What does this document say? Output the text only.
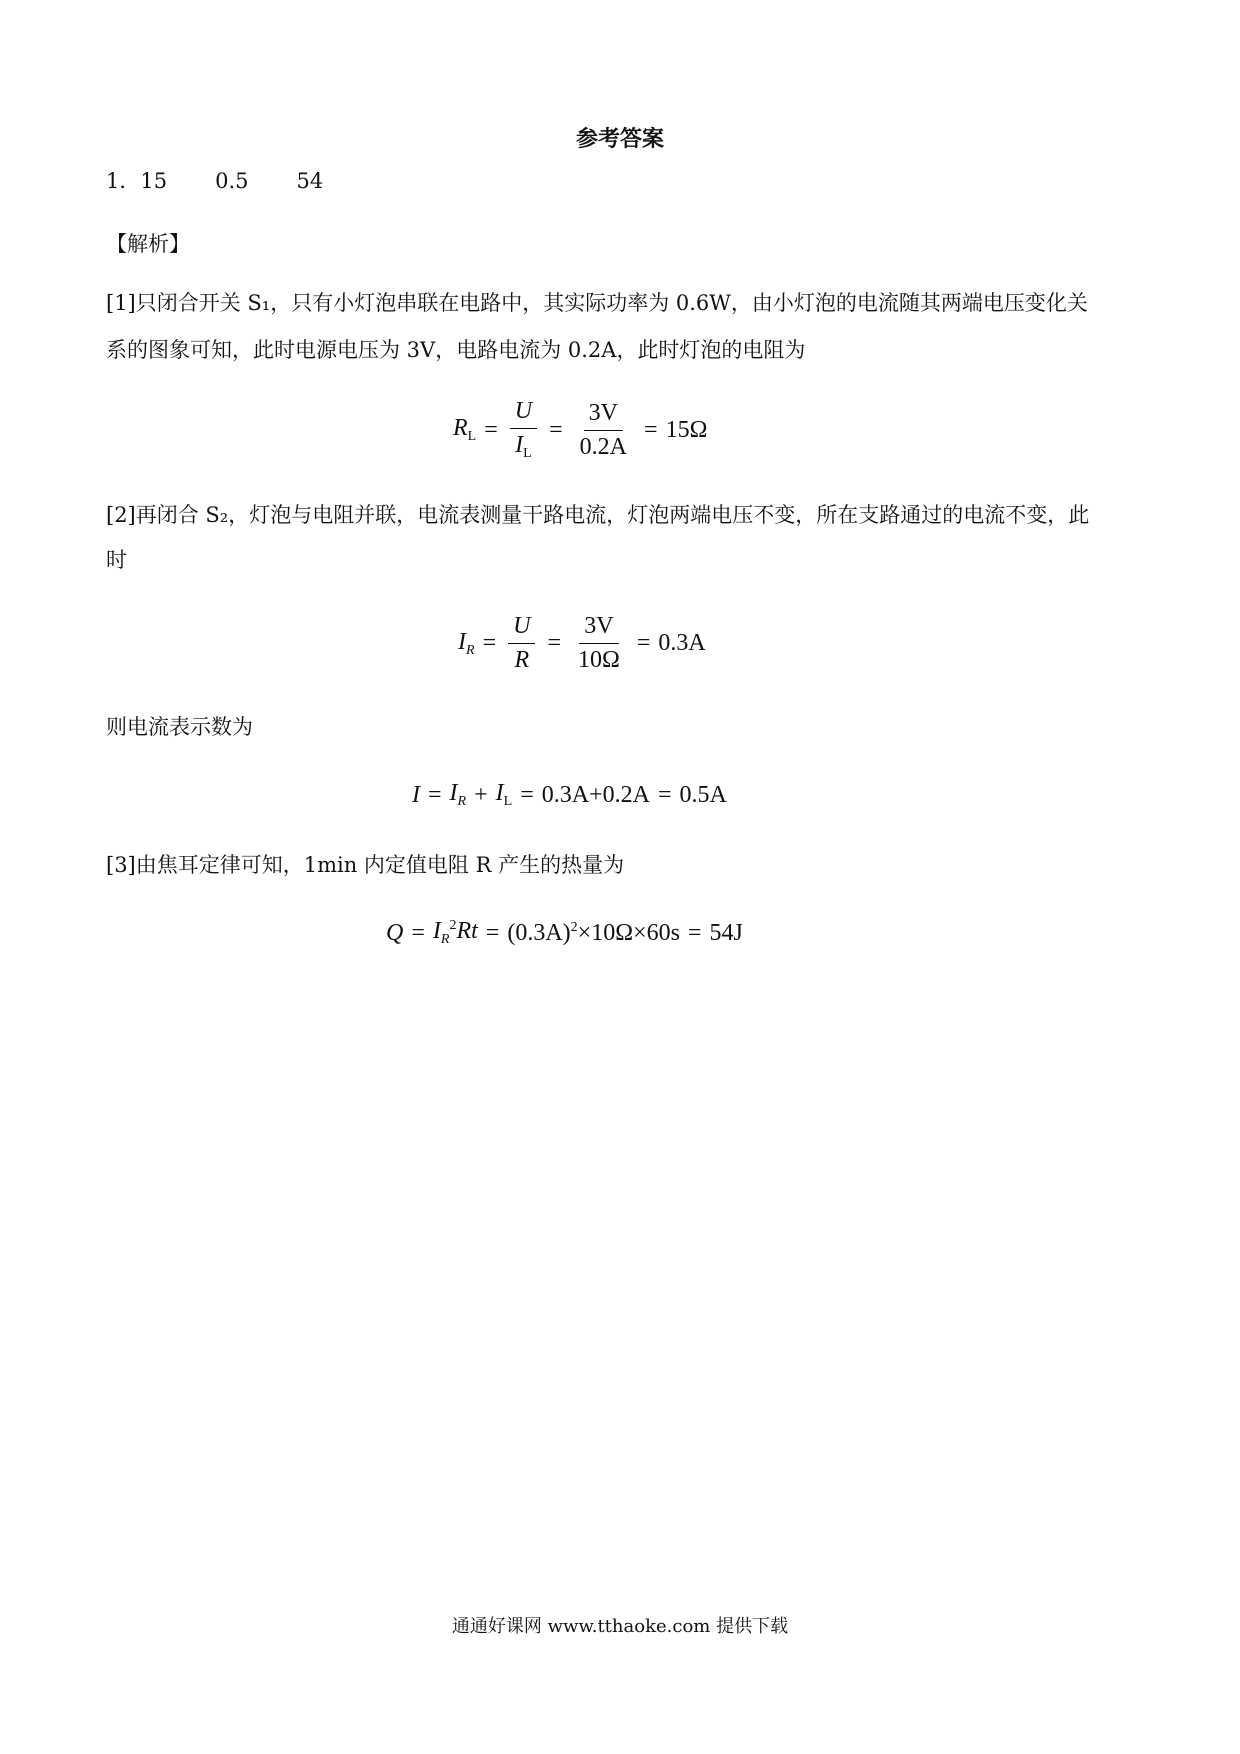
参考答案
1．15 0.5 54
【解析】
[1]只闭合开关 S₁，只有小灯泡串联在电路中，其实际功率为 0.6W，由小灯泡的电流随其两端电压变化关
系的图象可知，此时电源电压为 3V，电路电流为 0.2A，此时灯泡的电阻为
$R_L = \frac{U}{I_L} = \frac{3V}{0.2A} = 15\Omega$
[2]再闭合 S₂，灯泡与电阻并联，电流表测量干路电流，灯泡两端电压不变，所在支路通过的电流不变，此
时
$I_R = \frac{U}{R} = \frac{3V}{10\Omega} = 0.3A$
则电流表示数为
$I = I_R + I_L = 0.3A+0.2A = 0.5A$
[3]由焦耳定律可知，1min 内定值电阻 R 产生的热量为
$Q = I_R^2Rt = (0.3A)^2\times 10\Omega\times 60s = 54J$
通通好课网 www.tthaoke.com 提供下载
